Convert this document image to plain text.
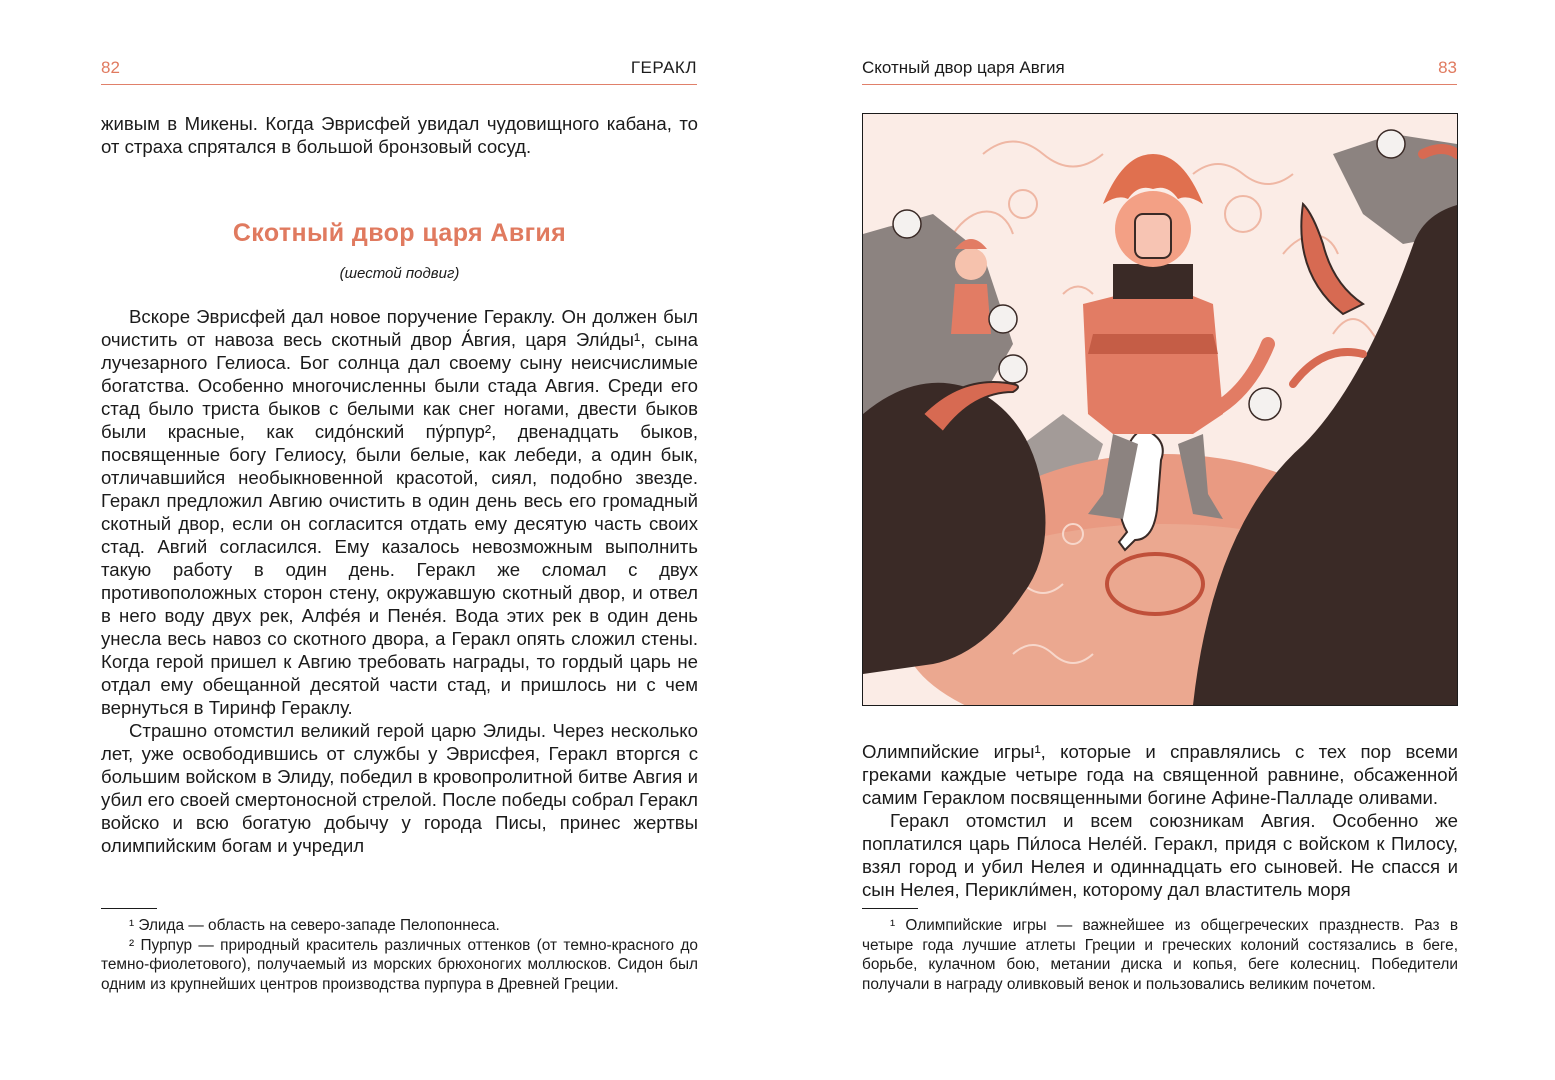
82	ГЕРАКЛ

живым в Микены. Когда Эврисфей увидал чудовищного кабана, то от страха спрятался в большой бронзовый сосуд.

Скотный двор царя Авгия
(шестой подвиг)

Вскоре Эврисфей дал новое поручение Гераклу. Он должен был очистить от навоза весь скотный двор А́вгия, царя Эли́ды¹, сына лучезарного Гелиоса. Бог солнца дал своему сыну неисчислимые богатства. Особенно многочисленны были стада Авгия. Среди его стад было триста быков с белыми как снег ногами, двести быков были красные, как сидо́нский пу́рпур², двенадцать быков, посвященные богу Гелиосу, были белые, как лебеди, а один бык, отличавшийся необыкновенной красотой, сиял, подобно звезде. Геракл предложил Авгию очистить в один день весь его громадный скотный двор, если он согласится отдать ему десятую часть своих стад. Авгий согласился. Ему казалось невозможным выполнить такую работу в один день. Геракл же сломал с двух противоположных сторон стену, окружавшую скотный двор, и отвел в него воду двух рек, Алфе́я и Пене́я. Вода этих рек в один день унесла весь навоз со скотного двора, а Геракл опять сложил стены. Когда герой пришел к Авгию требовать награды, то гордый царь не отдал ему обещанной десятой части стад, и пришлось ни с чем вернуться в Тиринф Гераклу.

Страшно отомстил великий герой царю Элиды. Через несколько лет, уже освободившись от службы у Эврисфея, Геракл вторгся с большим войском в Элиду, победил в кровопролитной битве Авгия и убил его своей смертоносной стрелой. После победы собрал Геракл войско и всю богатую добычу у города Писы, принес жертвы олимпийским богам и учредил

¹ Элида — область на северо-западе Пелопоннеса.

² Пурпур — природный краситель различных оттенков (от темно-красного до темно-фиолетового), получаемый из морских брюхоногих моллюсков. Сидон был одним из крупнейших центров производства пурпура в Древней Греции.

Скотный двор царя Авгия	83

Олимпийские игры¹, которые и справлялись с тех пор всеми греками каждые четыре года на священной равнине, обсаженной самим Гераклом посвященными богине Афине-Палладе оливами.

Геракл отомстил и всем союзникам Авгия. Особенно же поплатился царь Пи́лоса Неле́й. Геракл, придя с войском к Пилосу, взял город и убил Нелея и одиннадцать его сыновей. Не спасся и сын Нелея, Перикли́мен, которому дал властитель моря

¹ Олимпийские игры — важнейшее из общегреческих празднеств. Раз в четыре года лучшие атлеты Греции и греческих колоний состязались в беге, борьбе, кулачном бою, метании диска и копья, беге колесниц. Победители получали в награду оливковый венок и пользовались великим почетом.
